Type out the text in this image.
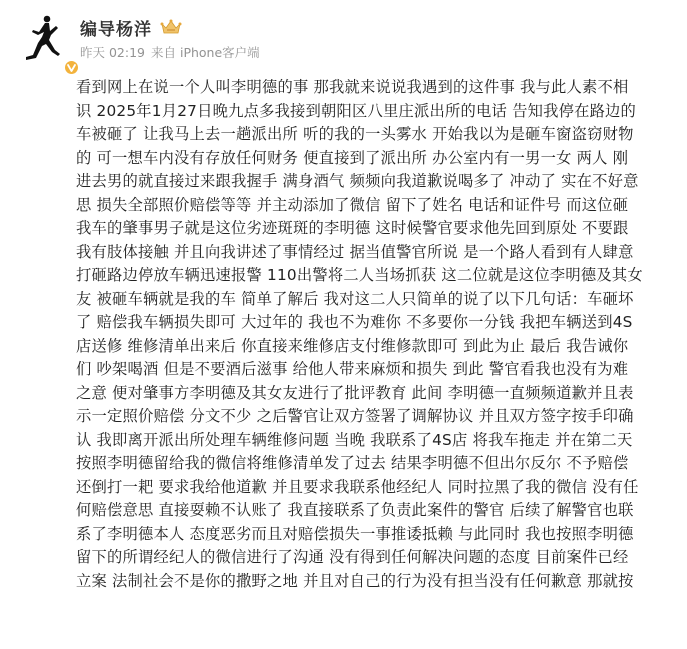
编导杨洋
昨天 02:19 来自 iPhone客户端
看到网上在说一个人叫李明德的事 那我就来说说我遇到的这件事 我与此人素不相
识 2025年1月27日晚九点多我接到朝阳区八里庄派出所的电话 告知我停在路边的
车被砸了 让我马上去一趟派出所 听的我的一头雾水 开始我以为是砸车窗盗窃财物
的 可一想车内没有存放任何财务 便直接到了派出所 办公室内有一男一女 两人 刚
进去男的就直接过来跟我握手 满身酒气 频频向我道歉说喝多了 冲动了 实在不好意
思 损失全部照价赔偿等等 并主动添加了微信 留下了姓名 电话和证件号 而这位砸
我车的肇事男子就是这位劣迹斑斑的李明德 这时候警官要求他先回到原处 不要跟
我有肢体接触 并且向我讲述了事情经过 据当值警官所说 是一个路人看到有人肆意
打砸路边停放车辆迅速报警 110出警将二人当场抓获 这二位就是这位李明德及其女
友 被砸车辆就是我的车 简单了解后 我对这二人只简单的说了以下几句话：车砸坏
了 赔偿我车辆损失即可 大过年的 我也不为难你 不多要你一分钱 我把车辆送到4S
店送修 维修清单出来后 你直接来维修店支付维修款即可 到此为止 最后 我告诫你
们 吵架喝酒 但是不要酒后滋事 给他人带来麻烦和损失 到此 警官看我也没有为难
之意 便对肇事方李明德及其女友进行了批评教育 此间 李明德一直频频道歉并且表
示一定照价赔偿 分文不少 之后警官让双方签署了调解协议 并且双方签字按手印确
认 我即离开派出所处理车辆维修问题 当晚 我联系了4S店 将我车拖走 并在第二天
按照李明德留给我的微信将维修清单发了过去 结果李明德不但出尔反尔 不予赔偿
还倒打一耙 要求我给他道歉 并且要求我联系他经纪人 同时拉黑了我的微信 没有任
何赔偿意思 直接耍赖不认账了 我直接联系了负责此案件的警官 后续了解警官也联
系了李明德本人 态度恶劣而且对赔偿损失一事推诿抵赖 与此同时 我也按照李明德
留下的所谓经纪人的微信进行了沟通 没有得到任何解决问题的态度 目前案件已经
立案 法制社会不是你的撒野之地 并且对自己的行为没有担当没有任何歉意 那就按
